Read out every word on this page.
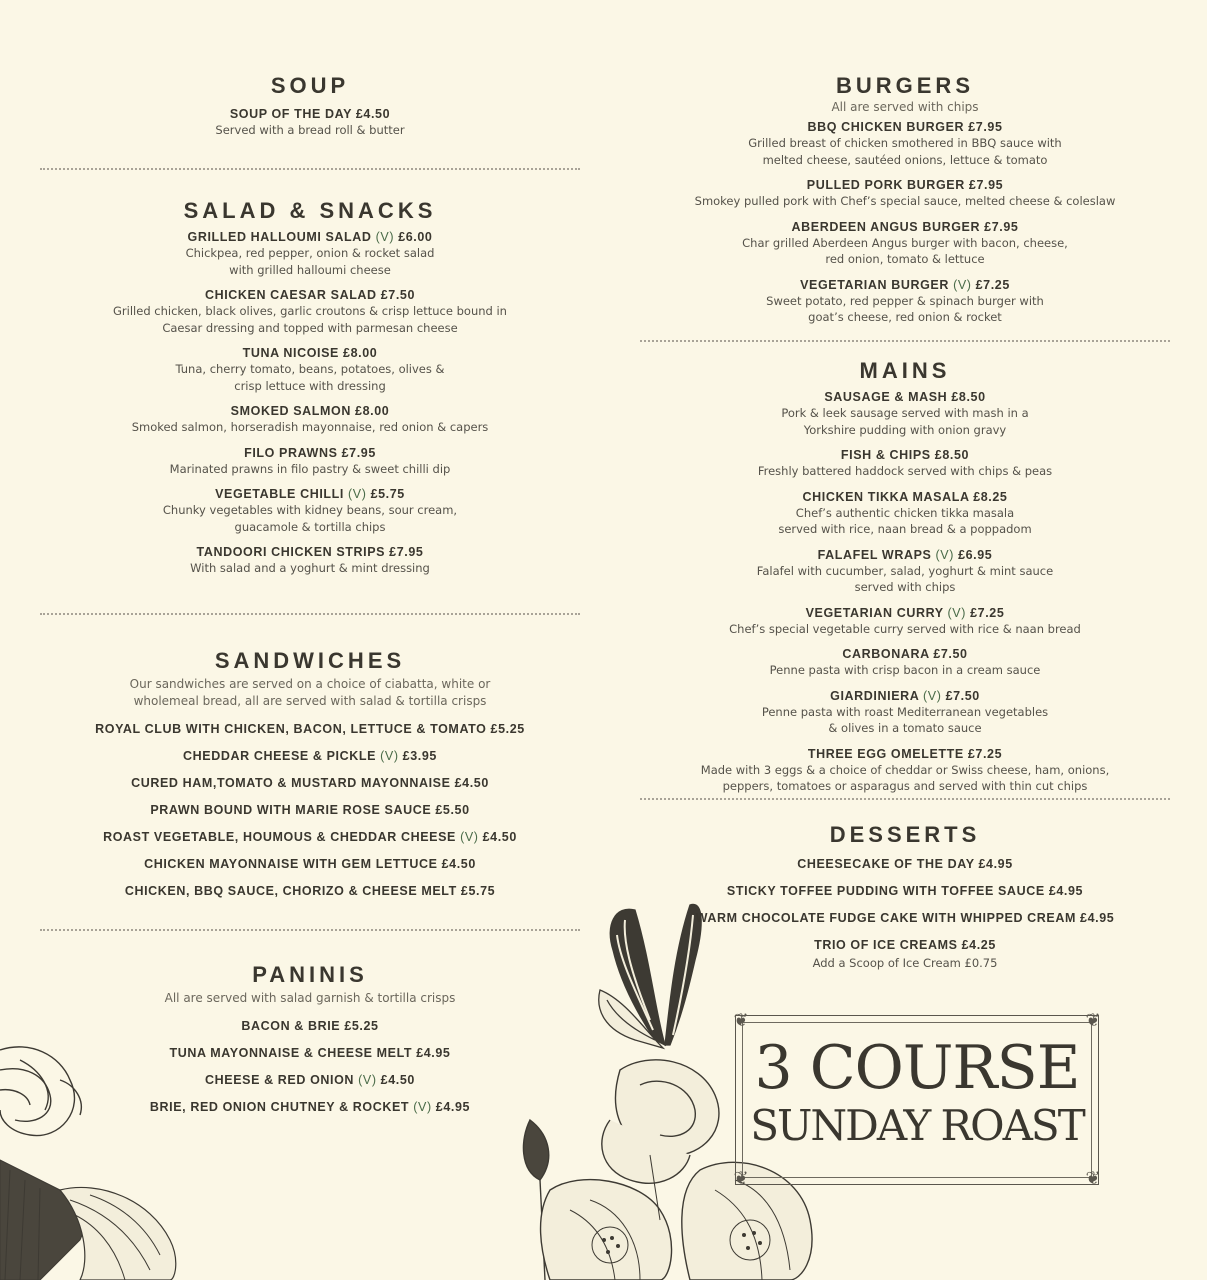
SOUP
SOUP OF THE DAY £4.50
Served with a bread roll & butter
SALAD & SNACKS
GRILLED HALLOUMI SALAD (V) £6.00
Chickpea, red pepper, onion & rocket salad
with grilled halloumi cheese
CHICKEN CAESAR SALAD £7.50
Grilled chicken, black olives, garlic croutons & crisp lettuce bound in
Caesar dressing and topped with parmesan cheese
TUNA NICOISE £8.00
Tuna, cherry tomato, beans, potatoes, olives &
crisp lettuce with dressing
SMOKED SALMON £8.00
Smoked salmon, horseradish mayonnaise, red onion & capers
FILO PRAWNS £7.95
Marinated prawns in filo pastry & sweet chilli dip
VEGETABLE CHILLI (V) £5.75
Chunky vegetables with kidney beans, sour cream,
guacamole & tortilla chips
TANDOORI CHICKEN STRIPS £7.95
With salad and a yoghurt & mint dressing
SANDWICHES
Our sandwiches are served on a choice of ciabatta, white or
wholemeal bread, all are served with salad & tortilla crisps
ROYAL CLUB WITH CHICKEN, BACON, LETTUCE & TOMATO £5.25
CHEDDAR CHEESE & PICKLE (V) £3.95
CURED HAM,TOMATO & MUSTARD MAYONNAISE £4.50
PRAWN BOUND WITH MARIE ROSE SAUCE £5.50
ROAST VEGETABLE, HOUMOUS & CHEDDAR CHEESE (V) £4.50
CHICKEN MAYONNAISE WITH GEM LETTUCE £4.50
CHICKEN, BBQ SAUCE, CHORIZO & CHEESE MELT £5.75
PANINIS
All are served with salad garnish & tortilla crisps
BACON & BRIE £5.25
TUNA MAYONNAISE & CHEESE MELT £4.95
CHEESE & RED ONION (V) £4.50
BRIE, RED ONION CHUTNEY & ROCKET (V) £4.95
BURGERS
All are served with chips
BBQ CHICKEN BURGER £7.95
Grilled breast of chicken smothered in BBQ sauce with
melted cheese, sautéed onions, lettuce & tomato
PULLED PORK BURGER £7.95
Smokey pulled pork with Chef’s special sauce, melted cheese & coleslaw
ABERDEEN ANGUS BURGER £7.95
Char grilled Aberdeen Angus burger with bacon, cheese,
red onion, tomato & lettuce
VEGETARIAN BURGER (V) £7.25
Sweet potato, red pepper & spinach burger with
goat’s cheese, red onion & rocket
MAINS
SAUSAGE & MASH £8.50
Pork & leek sausage served with mash in a
Yorkshire pudding with onion gravy
FISH & CHIPS £8.50
Freshly battered haddock served with chips & peas
CHICKEN TIKKA MASALA £8.25
Chef’s authentic chicken tikka masala
served with rice, naan bread & a poppadom
FALAFEL WRAPS (V) £6.95
Falafel with cucumber, salad, yoghurt & mint sauce
served with chips
VEGETARIAN CURRY (V) £7.25
Chef’s special vegetable curry served with rice & naan bread
CARBONARA £7.50
Penne pasta with crisp bacon in a cream sauce
GIARDINIERA (V) £7.50
Penne pasta with roast Mediterranean vegetables
& olives in a tomato sauce
THREE EGG OMELETTE £7.25
Made with 3 eggs & a choice of cheddar or Swiss cheese, ham, onions,
peppers, tomatoes or asparagus and served with thin cut chips
DESSERTS
CHEESECAKE OF THE DAY £4.95
STICKY TOFFEE PUDDING WITH TOFFEE SAUCE £4.95
WARM CHOCOLATE FUDGE CAKE WITH WHIPPED CREAM £4.95
TRIO OF ICE CREAMS £4.25
Add a Scoop of Ice Cream £0.75
❦	❦
❦	❦
3 COURSE
SUNDAY ROAST
